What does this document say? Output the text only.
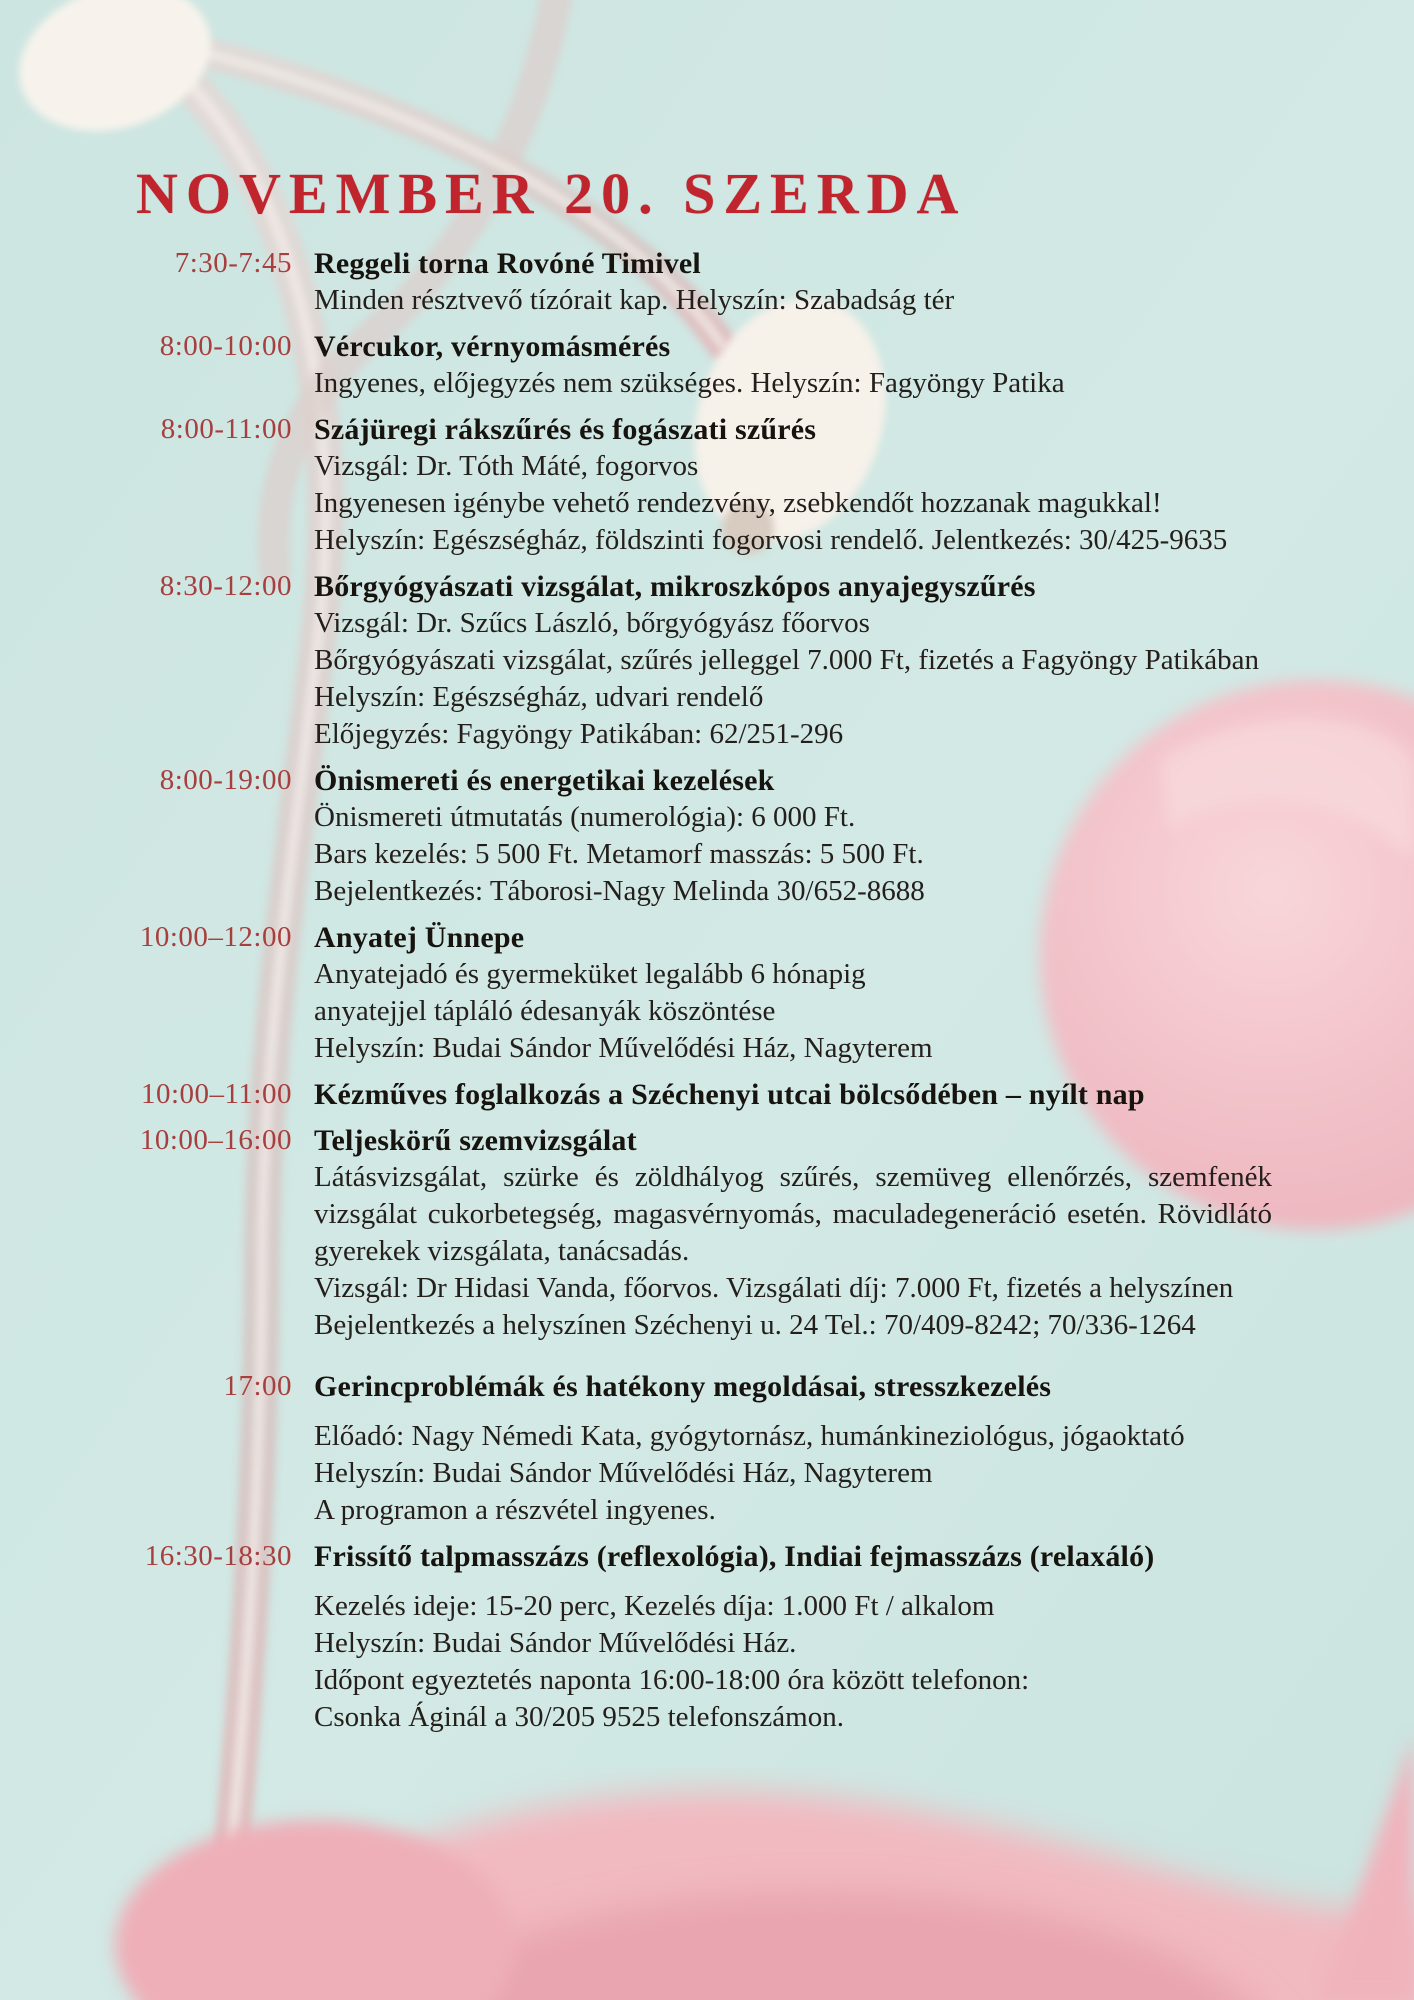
NOVEMBER 20. SZERDA
7:30-7:45 Reggeli torna Rovóné Timivel
Minden résztvevő tízórait kap. Helyszín: Szabadság tér
8:00-10:00 Vércukor, vérnyomásmérés
Ingyenes, előjegyzés nem szükséges. Helyszín: Fagyöngy Patika
8:00-11:00 Szájüregi rákszűrés és fogászati szűrés
Vizsgál: Dr. Tóth Máté, fogorvos
Ingyenesen igénybe vehető rendezvény, zsebkendőt hozzanak magukkal!
Helyszín: Egészségház, földszinti fogorvosi rendelő. Jelentkezés: 30/425-9635
8:30-12:00 Bőrgyógyászati vizsgálat, mikroszkópos anyajegyszűrés
Vizsgál: Dr. Szűcs László, bőrgyógyász főorvos
Bőrgyógyászati vizsgálat, szűrés jelleggel 7.000 Ft, fizetés a Fagyöngy Patikában
Helyszín: Egészségház, udvari rendelő
Előjegyzés: Fagyöngy Patikában: 62/251-296
8:00-19:00 Önismereti és energetikai kezelések
Önismereti útmutatás (numerológia): 6 000 Ft.
Bars kezelés: 5 500 Ft. Metamorf masszás: 5 500 Ft.
Bejelentkezés: Táborosi-Nagy Melinda 30/652-8688
10:00–12:00 Anyatej Ünnepe
Anyatejadó és gyermeküket legalább 6 hónapig
anyatejjel tápláló édesanyák köszöntése
Helyszín: Budai Sándor Művelődési Ház, Nagyterem
10:00–11:00 Kézműves foglalkozás a Széchenyi utcai bölcsődében – nyílt nap
10:00–16:00 Teljeskörű szemvizsgálat
Látásvizsgálat, szürke és zöldhályog szűrés, szemüveg ellenőrzés, szemfenék
vizsgálat cukorbetegség, magasvérnyomás, maculadegeneráció esetén. Rövidlátó
gyerekek vizsgálata, tanácsadás.
Vizsgál: Dr Hidasi Vanda, főorvos. Vizsgálati díj: 7.000 Ft, fizetés a helyszínen
Bejelentkezés a helyszínen Széchenyi u. 24 Tel.: 70/409-8242; 70/336-1264
17:00 Gerincproblémák és hatékony megoldásai, stresszkezelés
Előadó: Nagy Némedi Kata, gyógytornász, humánkineziológus, jógaoktató
Helyszín: Budai Sándor Művelődési Ház, Nagyterem
A programon a részvétel ingyenes.
16:30-18:30 Frissítő talpmasszázs (reflexológia), Indiai fejmasszázs (relaxáló)
Kezelés ideje: 15-20 perc, Kezelés díja: 1.000 Ft / alkalom
Helyszín: Budai Sándor Művelődési Ház.
Időpont egyeztetés naponta 16:00-18:00 óra között telefonon:
Csonka Áginál a 30/205 9525 telefonszámon.
